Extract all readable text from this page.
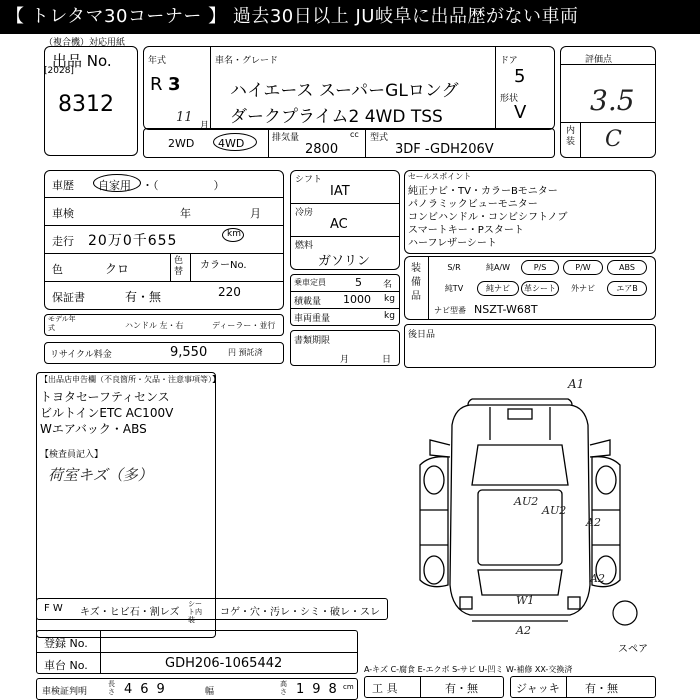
【 トレタマ30コーナー 】 過去30日以上 JU岐阜に出品歴がない車両
（複合機）対応用紙
出品 No.
[2028]
8312
年式
R 3
11
月
車名・グレード
ハイエース スーパーGLロング
ダークプライム2 4WD TSS
ドア
5
形状
V
評価点
3.5
内装 C
2WD 4WD	排気量	cc
2800
型式
3DF -GDH206V
車歴 自家用 ・（　　　　　）
車検	年	月
走行 20万0千655	km
色	クロ
色替
カラーNo.
保証書	有・無	220
モデル年式	ハンドル 左・右	ディーラー・並行
リサイクル料金	9,550	円 預託済
シフト
IAT
冷房
AC
燃料
ガソリン
乗車定員	5 名
積載量 1000 kg
車両重量	kg
書類期限
月	日
セールスポイント
純正ナビ・TV・カラーBモニター
パノラミックビューモニター
コンビハンドル・コンビシフトノブ
スマートキー・Pスタート
ハーフレザーシート
装備品
S/R	純A/W	P/S	P/W	ABS
純TV	純ナビ	革シート	外ナビ	エアB
ナビ型番 NSZT-W68T
後日品
【出品店申告欄（不良箇所・欠品・注意事項等）】
トヨタセーフティセンス
ビルトインETC AC100V
Wエアバック・ABS
【検査員記入】
荷室キズ（多）
A1
AU2
AU2
A2
A2
W1
A2
スペア
F W キズ・ヒビ石・割レズ
シート内装
コゲ・穴・汚レ・シミ・破レ・スレ
登録 No.
車台 No.	GDH206-1065442	A-キズ C-腐食 E-エクボ S-サビ U-凹ミ W-補修 XX-交換済
車検証判明
長さ 469	幅
高さ 198
cm 工 具	有・無	ジャッキ 有・無
